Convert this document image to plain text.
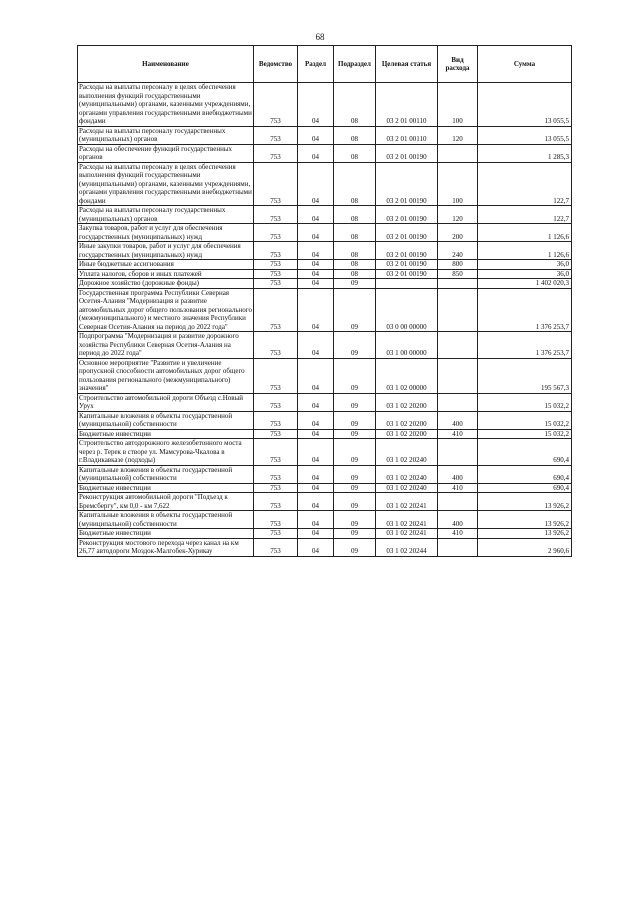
68
Наименование	Ведомство	Раздел	Подраздел	Целевая статья	Вид расхода	Сумма
Расходы на выплаты персоналу в целях обеспечения выполнения функций государственными (муниципальными) органами, казенными учреждениями, органами управления государственными внебюджетными фондами	753	04	08	03 2 01 00110	100	13 055,5
Расходы на выплаты персоналу государственных (муниципальных) органов	753	04	08	03 2 01 00110	120	13 055,5
Расходы на обеспечение функций государственных органов	753	04	08	03 2 01 00190		1 285,3
Расходы на выплаты персоналу в целях обеспечения выполнения функций государственными (муниципальными) органами, казенными учреждениями, органами управления государственными внебюджетными фондами	753	04	08	03 2 01 00190	100	122,7
Расходы на выплаты персоналу государственных (муниципальных) органов	753	04	08	03 2 01 00190	120	122,7
Закупка товаров, работ и услуг для обеспечения государственных (муниципальных) нужд	753	04	08	03 2 01 00190	200	1 126,6
Иные закупки товаров, работ и услуг для обеспечения государственных (муниципальных) нужд	753	04	08	03 2 01 00190	240	1 126,6
Иные бюджетные ассигнования	753	04	08	03 2 01 00190	800	36,0
Уплата налогов, сборов и иных платежей	753	04	08	03 2 01 00190	850	36,0
Дорожное хозяйство (дорожные фонды)	753	04	09			1 402 020,3
Государственная программа Республики Северная Осетия-Алания "Модернизация и развитие автомобильных дорог общего пользования регионального (межмуниципального) и местного значения Республики Северная Осетия-Алания на период до 2022 года"	753	04	09	03 0 00 00000		1 376 253,7
Подпрограмма "Модернизация и развитие дорожного хозяйства Республики Северная Осетия-Алания на период до 2022 года"	753	04	09	03 1 00 00000		1 376 253,7
Основное мероприятие "Развитие и увеличение пропускной способности автомобильных дорог общего пользования регионального (межмуниципального) значения"	753	04	09	03 1 02 00000		195 567,3
Строительство автомобильной дороги Объезд с.Новый Урух	753	04	09	03 1 02 20200		15 032,2
Капитальные вложения в объекты государственной (муниципальной) собственности	753	04	09	03 1 02 20200	400	15 032,2
Бюджетные инвестиции	753	04	09	03 1 02 20200	410	15 032,2
Строительство автодорожного железобетонного моста через р. Терек в створе ул. Мамсурова-Чкалова в г.Владикавказе (подходы)	753	04	09	03 1 02 20240		690,4
Капитальные вложения в объекты государственной (муниципальной) собственности	753	04	09	03 1 02 20240	400	690,4
Бюджетные инвестиции	753	04	09	03 1 02 20240	410	690,4
Реконструкция автомобильной дороги "Подъезд к Бремсбергу", км 0,0 - км 7,622	753	04	09	03 1 02 20241		13 926,2
Капитальные вложения в объекты государственной (муниципальной) собственности	753	04	09	03 1 02 20241	400	13 926,2
Бюджетные инвестиции	753	04	09	03 1 02 20241	410	13 926,2
Реконструкция мостового перехода через канал на км 26,77 автодороги Моздок-Малгобек-Хурикау	753	04	09	03 1 02 20244		2 960,6
